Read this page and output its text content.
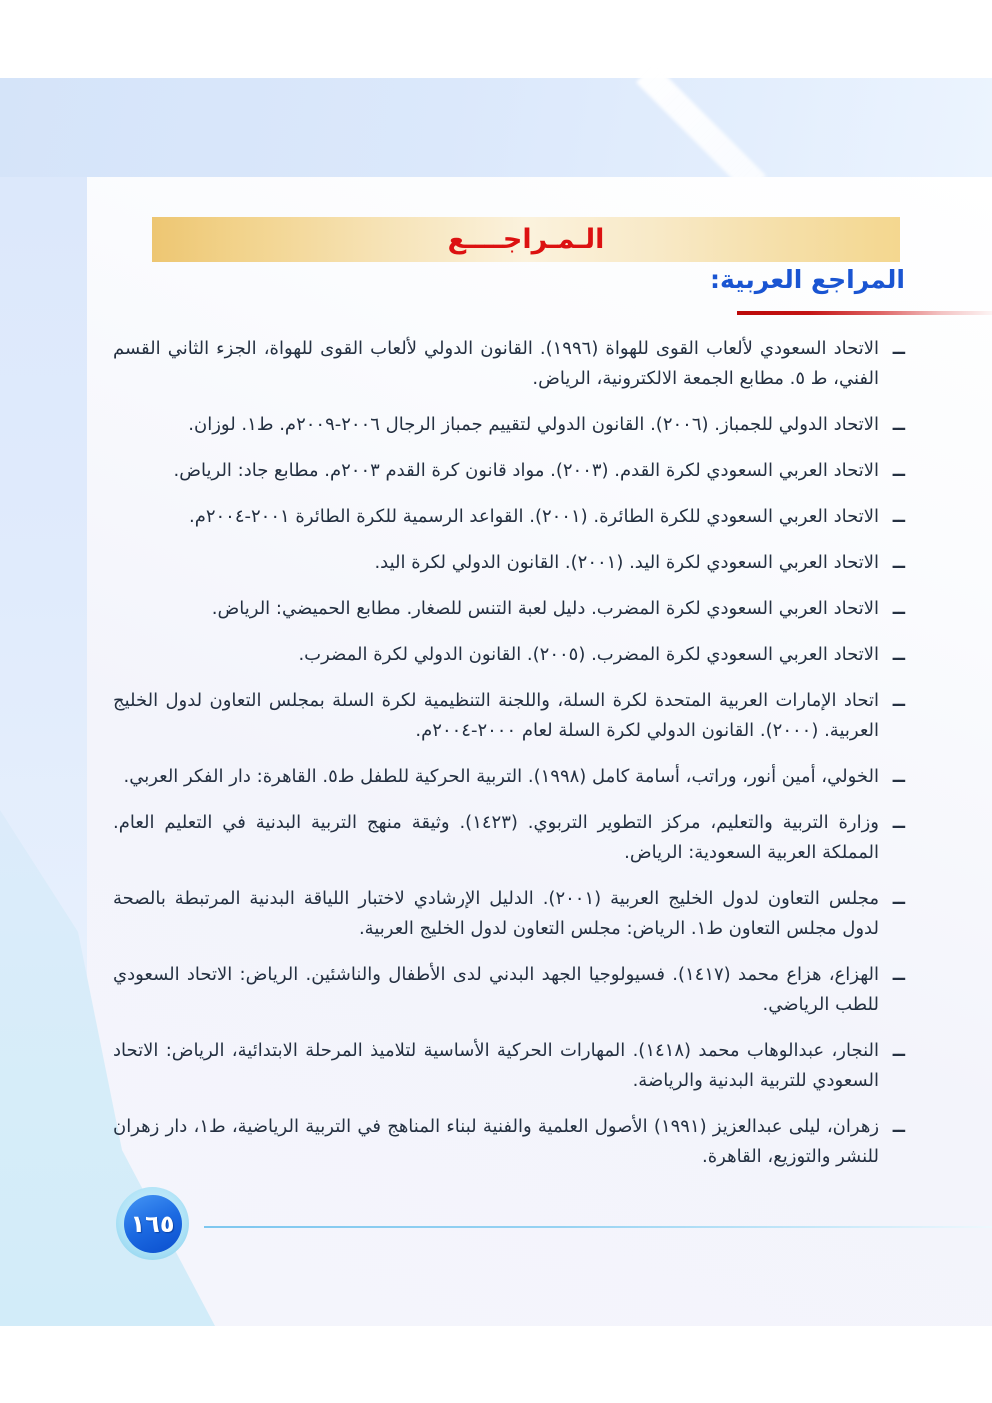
الـمـراجــــع
المراجع العربية:
ــ
الاتحاد السعودي لألعاب القوى للهواة (١٩٩٦). القانون الدولي لألعاب القوى للهواة، الجزء الثاني القسم الفني، ط ٥. مطابع الجمعة الالكترونية، الرياض.
ــ
الاتحاد الدولي للجمباز. (٢٠٠٦). القانون الدولي لتقييم جمباز الرجال ٢٠٠٦-٢٠٠٩م. ط١. لوزان.
ــ
الاتحاد العربي السعودي لكرة القدم. (٢٠٠٣). مواد قانون كرة القدم ٢٠٠٣م. مطابع جاد: الرياض.
ــ
الاتحاد العربي السعودي للكرة الطائرة. (٢٠٠١). القواعد الرسمية للكرة الطائرة ٢٠٠١-٢٠٠٤م.
ــ
الاتحاد العربي السعودي لكرة اليد. (٢٠٠١). القانون الدولي لكرة اليد.
ــ
الاتحاد العربي السعودي لكرة المضرب. دليل لعبة التنس للصغار. مطابع الحميضي: الرياض.
ــ
الاتحاد العربي السعودي لكرة المضرب. (٢٠٠٥). القانون الدولي لكرة المضرب.
ــ
اتحاد الإمارات العربية المتحدة لكرة السلة، واللجنة التنظيمية لكرة السلة بمجلس التعاون لدول الخليج العربية. (٢٠٠٠). القانون الدولي لكرة السلة لعام ٢٠٠٠-٢٠٠٤م.
ــ
الخولي، أمين أنور، وراتب، أسامة كامل (١٩٩٨). التربية الحركية للطفل ط٥. القاهرة: دار الفكر العربي.
ــ
وزارة التربية والتعليم، مركز التطوير التربوي. (١٤٢٣). وثيقة منهج التربية البدنية في التعليم العام. المملكة العربية السعودية: الرياض.
ــ
مجلس التعاون لدول الخليج العربية (٢٠٠١). الدليل الإرشادي لاختبار اللياقة البدنية المرتبطة بالصحة لدول مجلس التعاون ط١. الرياض: مجلس التعاون لدول الخليج العربية.
ــ
الهزاع، هزاع محمد (١٤١٧). فسيولوجيا الجهد البدني لدى الأطفال والناشئين. الرياض: الاتحاد السعودي للطب الرياضي.
ــ
النجار، عبدالوهاب محمد (١٤١٨). المهارات الحركية الأساسية لتلاميذ المرحلة الابتدائية، الرياض: الاتحاد السعودي للتربية البدنية والرياضة.
ــ
زهران، ليلى عبدالعزيز (١٩٩١) الأصول العلمية والفنية لبناء المناهج في التربية الرياضية، ط١، دار زهران للنشر والتوزيع، القاهرة.
١٦٥
